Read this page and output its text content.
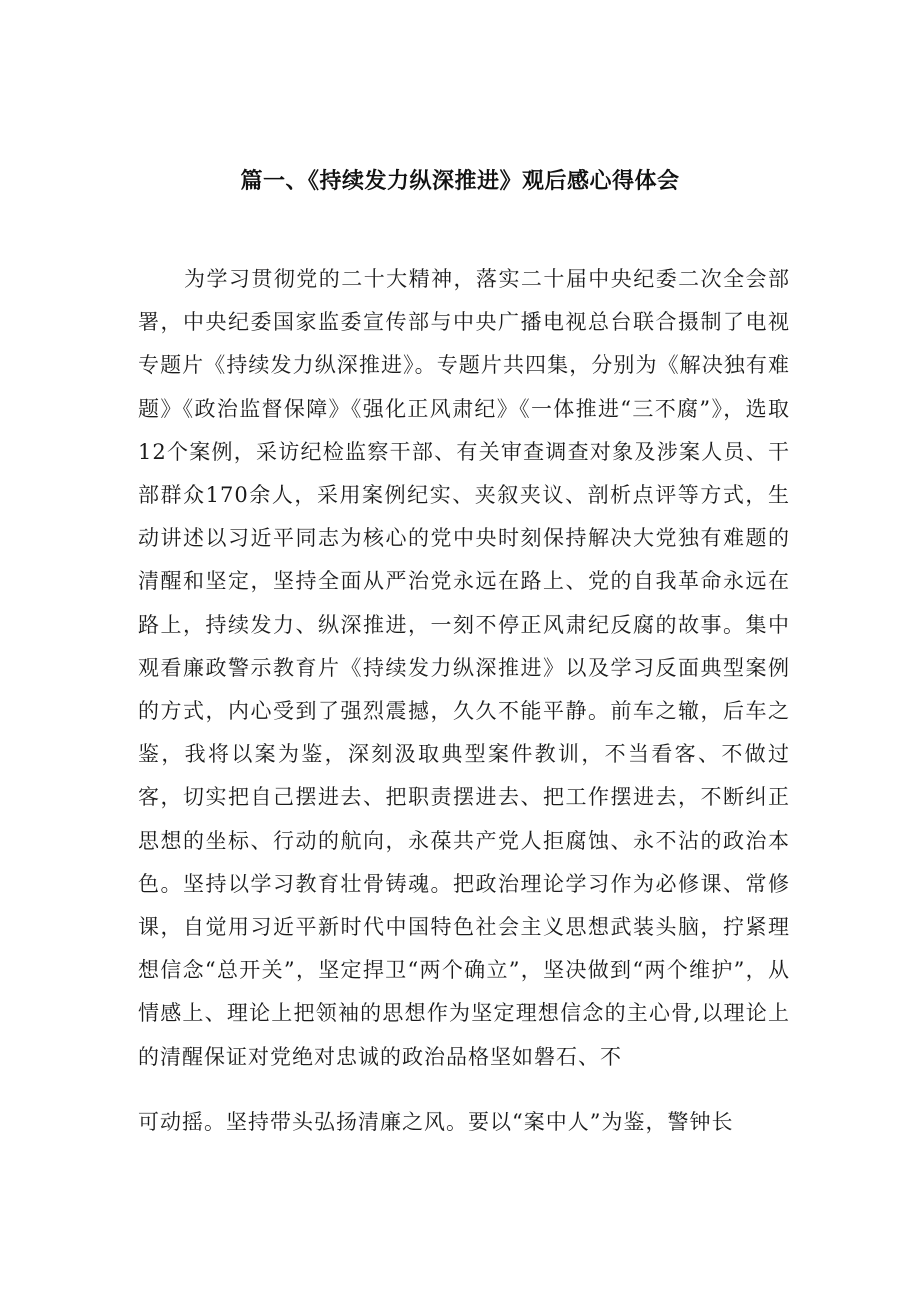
篇一、《持续发力纵深推进》观后感心得体会

为学习贯彻党的二十大精神，落实二十届中央纪委二次全会部署，中央纪委国家监委宣传部与中央广播电视总台联合摄制了电视专题片《持续发力纵深推进》。专题片共四集，分别为《解决独有难题》《政治监督保障》《强化正风肃纪》《一体推进“三不腐”》，选取12个案例，采访纪检监察干部、有关审查调查对象及涉案人员、干部群众170余人，采用案例纪实、夹叙夹议、剖析点评等方式，生动讲述以习近平同志为核心的党中央时刻保持解决大党独有难题的清醒和坚定，坚持全面从严治党永远在路上、党的自我革命永远在路上，持续发力、纵深推进，一刻不停正风肃纪反腐的故事。集中观看廉政警示教育片《持续发力纵深推进》以及学习反面典型案例的方式，内心受到了强烈震撼，久久不能平静。前车之辙，后车之鉴，我将以案为鉴，深刻汲取典型案件教训，不当看客、不做过客，切实把自己摆进去、把职责摆进去、把工作摆进去，不断纠正思想的坐标、行动的航向，永葆共产党人拒腐蚀、永不沾的政治本色。坚持以学习教育壮骨铸魂。把政治理论学习作为必修课、常修课，自觉用习近平新时代中国特色社会主义思想武装头脑，拧紧理想信念“总开关”，坚定捍卫“两个确立”，坚决做到“两个维护”，从情感上、理论上把领袖的思想作为坚定理想信念的主心骨,以理论上的清醒保证对党绝对忠诚的政治品格坚如磐石、不

可动摇。坚持带头弘扬清廉之风。要以“案中人”为鉴，警钟长
